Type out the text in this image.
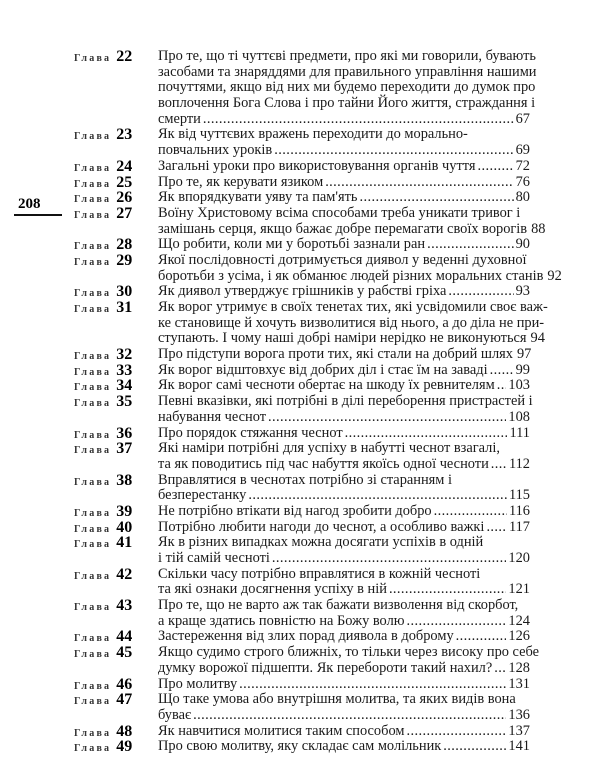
208
Глава 22	Про те, що ті чуттєві предмети, про які ми говорили, бувають
засобами та знаряддями для правильного управління нашими
почуттями, якщо від них ми будемо переходити до думок про
воплочення Бога Слова і про тайни Його життя, страждання і
смерти . . .	67
Глава 23	Як від чуттєвих вражень переходити до морально-
повчальних уроків . . .	69
Глава 24	Загальні уроки про використовування органів чуття . . .	72
Глава 25	Про те, як керувати язиком . . .	76
Глава 26	Як впорядкувати уяву та пам'ять . . .	80
Глава 27	Воїну Христовому всіма способами треба уникати тривог і
замішань серця, якщо бажає добре перемагати своїх ворогів 88
Глава 28	Що робити, коли ми у боротьбі зазнали ран . . .	90
Глава 29	Якої послідовності дотримується диявол у веденні духовної
боротьби з усіма, і як обманює людей різних моральних станів 92
Глава 30	Як диявол утверджує грішників у рабстві гріха . . .	93
Глава 31	Як ворог утримує в своїх тенетах тих, які усвідомили своє важ-
ке становище й хочуть визволитися від нього, а до діла не при-
ступають. І чому наші добрі наміри нерідко не виконуються 94
Глава 32	Про підступи ворога проти тих, які стали на добрий шлях 97
Глава 33	Як ворог відштовхує від добрих діл і стає їм на заваді . . . 99
Глава 34	Як ворог самі чесноти обертає на шкоду їх ревнителям . . . 103
Глава 35	Певні вказівки, які потрібні в ділі переборення пристрастей і
набування чеснот . . .	108
Глава 36	Про порядок стяжання чеснот . . .	111
Глава 37	Які наміри потрібні для успіху в набутті чеснот взагалі,
та як поводитись під час набуття якоїсь одної чесноти . . . 112
Глава 38	Вправлятися в чеснотах потрібно зі старанням і
безперестанку . . .	115
Глава 39	Не потрібно втікати від нагод зробити добро . . .	116
Глава 40	Потрібно любити нагоди до чеснот, а особливо важкі . . . 117
Глава 41	Як в різних випадках можна досягати успіхів в одній
і тій самій чесноті . . .	120
Глава 42	Скільки часу потрібно вправлятися в кожній чесноті
та які ознаки досягнення успіху в ній . . .	121
Глава 43	Про те, що не варто аж так бажати визволення від скорбот,
а краще здатись повністю на Божу волю . . .	124
Глава 44	Застереження від злих порад диявола в доброму . . .	126
Глава 45	Якщо судимо строго ближніх, то тільки через високу про себе
думку ворожої підшепти. Як перебороти такий нахил? . . . 128
Глава 46	Про молитву . . .	131
Глава 47	Що таке умова або внутрішня молитва, та яких видів вона
буває . . .	136
Глава 48	Як навчитися молитися таким способом . . .	137
Глава 49	Про свою молитву, яку складає сам молільник . . .	141
